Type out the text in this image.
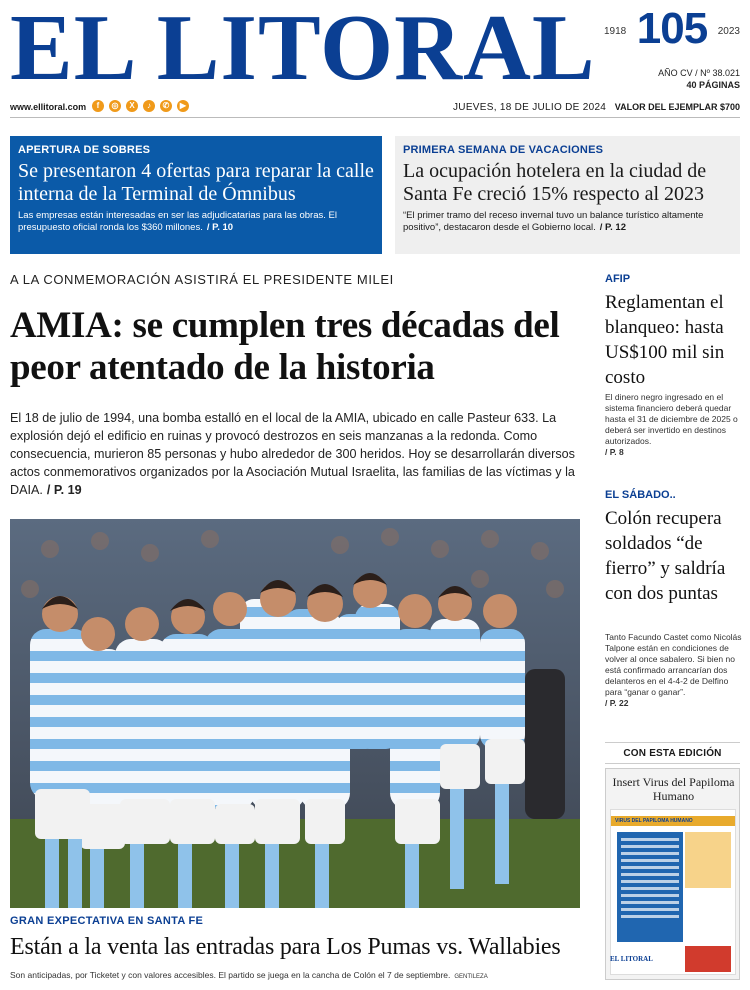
EL LITORAL 1918 105	2023
AÑO CV / Nº 38.021
40 PÁGINAS
www.ellitoral.com	f	◎	X	♪	✆	▶	JUEVES, 18 DE JULIO DE 2024 VALOR DEL EJEMPLAR $700
APERTURA DE SOBRES
Se presentaron 4 ofertas para reparar la calle interna de la Terminal de Ómnibus

Las empresas están interesadas en ser las adjudicatarias para las obras. El presupuesto oficial ronda los $360 millones. / P. 10

PRIMERA SEMANA DE VACACIONES
La ocupación hotelera en la ciudad de Santa Fe creció 15% respecto al 2023

“El primer tramo del receso invernal tuvo un balance turístico altamente positivo”, destacaron desde el Gobierno local. / P. 12

A LA CONMEMORACIÓN ASISTIRÁ EL PRESIDENTE MILEI
AMIA: se cumplen tres décadas del peor atentado de la historia

El 18 de julio de 1994, una bomba estalló en el local de la AMIA, ubicado en calle Pasteur 633. La explosión dejó el edificio en ruinas y provocó destrozos en seis manzanas a la redonda. Como consecuencia, murieron 85 personas y hubo alrededor de 300 heridos. Hoy se desarrollarán diversos actos conmemorativos organizados por la Asociación Mutual Israelita, las familias de las víctimas y la DAIA. / P. 19

GRAN EXPECTATIVA EN SANTA FE
Están a la venta las entradas para Los Pumas vs. Wallabies
Son anticipadas, por Ticketet y con valores accesibles. El partido se juega en la cancha de Colón el 7 de septiembre. GENTILEZA
AFIP
Reglamentan el blanqueo: hasta US$100 mil sin costo
El dinero negro ingresado en el sistema financiero deberá quedar hasta el 31 de diciembre de 2025 o deberá ser invertido en destinos autorizados.
/ P. 8
EL SÁBADO..
Colón recupera soldados “de fierro” y saldría con dos puntas
Tanto Facundo Castet como Nicolás Talpone están en condiciones de volver al once sabalero. Si bien no está confirmado arrancarían dos delanteros en el 4-4-2 de Delfino para “ganar o ganar”.
/ P. 22
CON ESTA EDICIÓN
Insert Virus del Papiloma Humano
VIRUS DEL PAPILOMA HUMANO
EL LITORAL
